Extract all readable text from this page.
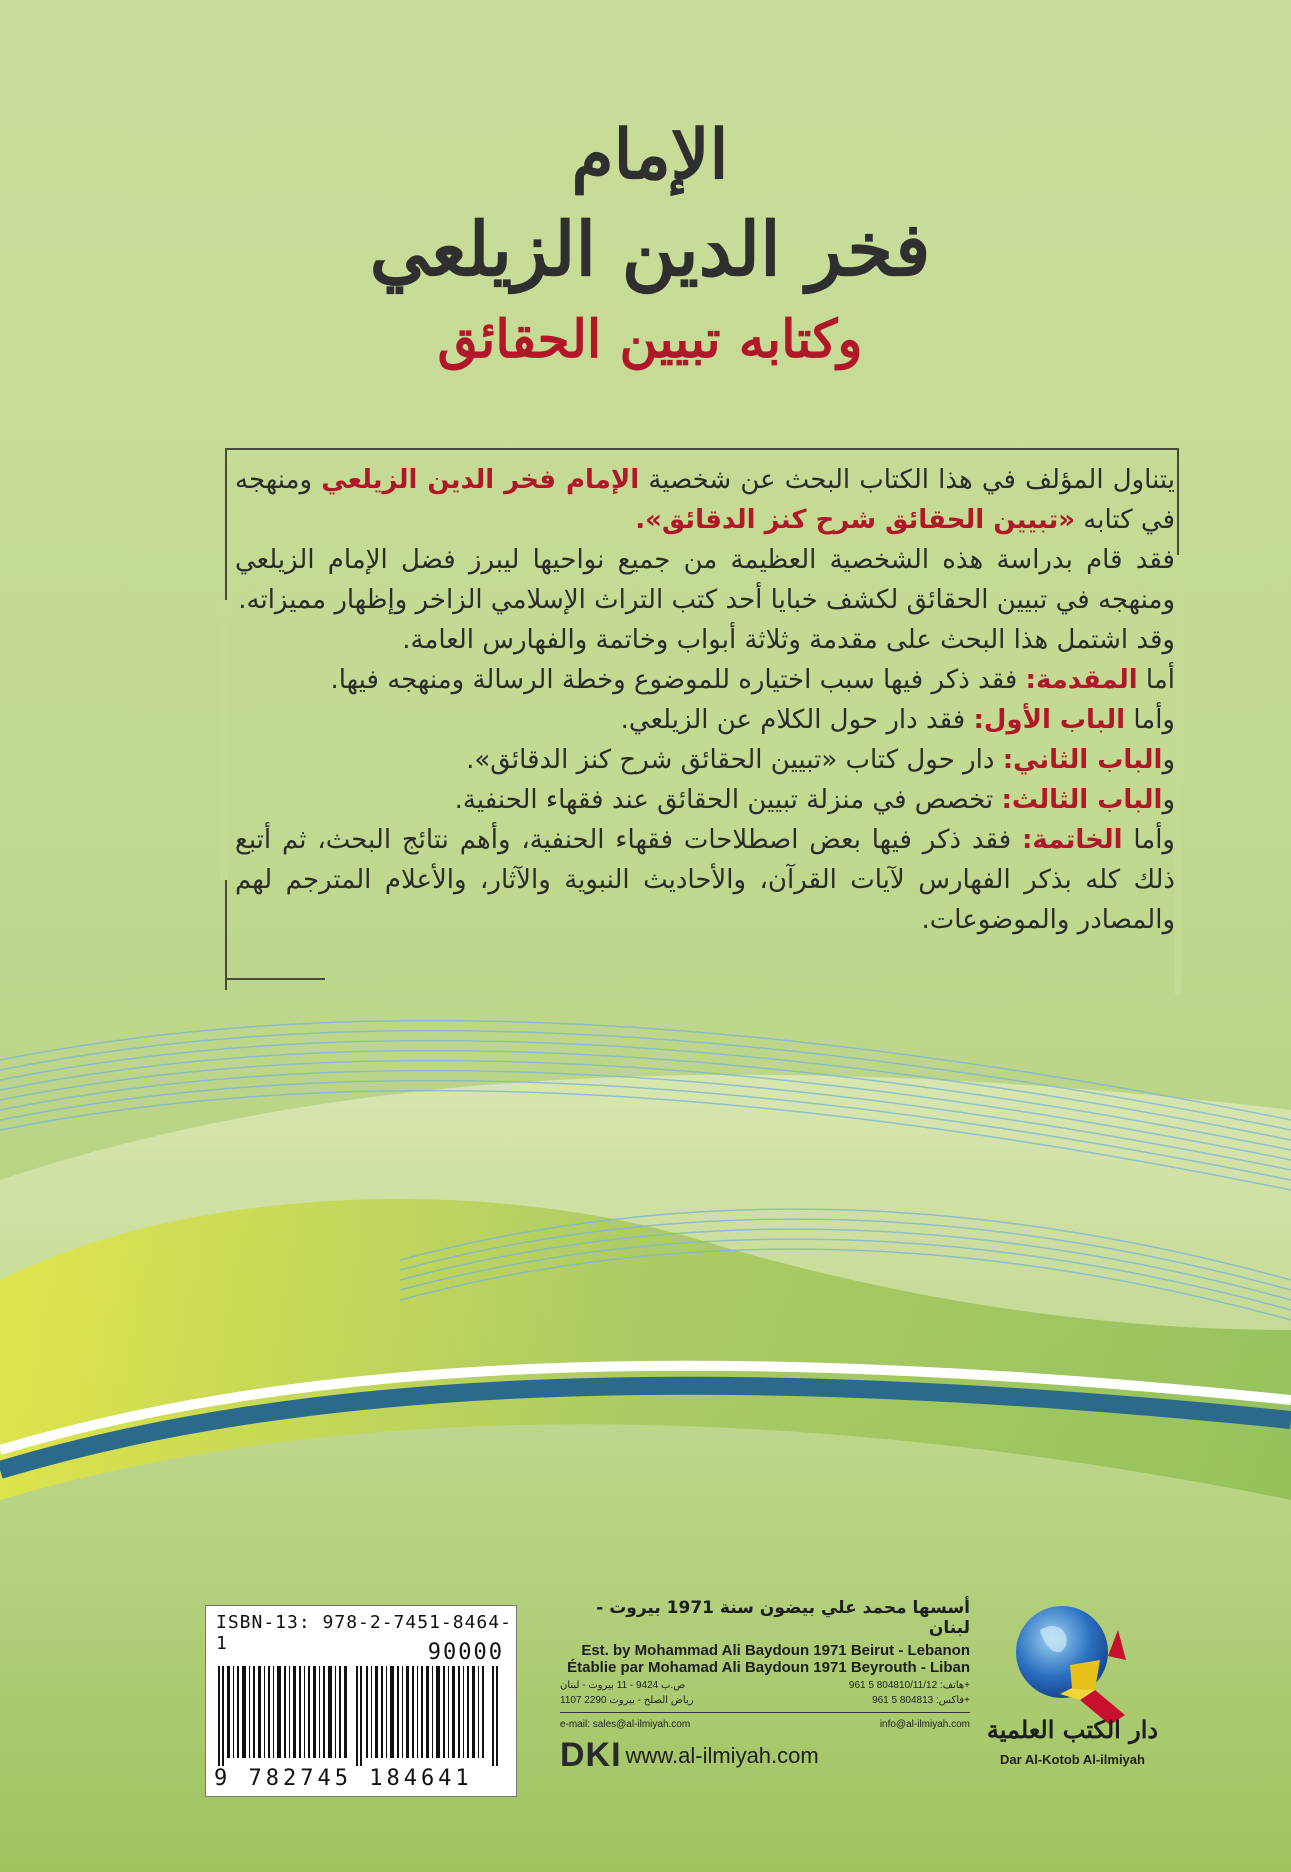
الإمام
فخر الدين الزيلعي
وكتابه تبيين الحقائق

يتناول المؤلف في هذا الكتاب البحث عن شخصية الإمام فخر الدين الزيلعي ومنهجه في كتابه «تبيين الحقائق شرح كنز الدقائق».

فقد قام بدراسة هذه الشخصية العظيمة من جميع نواحيها ليبرز فضل الإمام الزيلعي ومنهجه في تبيين الحقائق لكشف خبايا أحد كتب التراث الإسلامي الزاخر وإظهار مميزاته.

وقد اشتمل هذا البحث على مقدمة وثلاثة أبواب وخاتمة والفهارس العامة.

أما المقدمة: فقد ذكر فيها سبب اختياره للموضوع وخطة الرسالة ومنهجه فيها.

وأما الباب الأول: فقد دار حول الكلام عن الزيلعي.

والباب الثاني: دار حول كتاب «تبيين الحقائق شرح كنز الدقائق».

والباب الثالث: تخصص في منزلة تبيين الحقائق عند فقهاء الحنفية.

وأما الخاتمة: فقد ذكر فيها بعض اصطلاحات فقهاء الحنفية، وأهم نتائج البحث، ثم أتبع ذلك كله بذكر الفهارس لآيات القرآن، والأحاديث النبوية والآثار، والأعلام المترجم لهم والمصادر والموضوعات.

ISBN-13: 978-2-7451-8464-1	90000
9 782745 184641
أسسها محمد علي بيضون سنة 1971 بيروت - لبنان
Est. by Mohammad Ali Baydoun 1971 Beirut - Lebanon
Établie par Mohamad Ali Baydoun 1971 Beyrouth - Liban
ص.ب 9424 - 11 بيروت - لبنان	هاتف: 804810/11/12 5 961+
رياض الصلح - بيروت 2290 1107	فاكس: 804813 5 961+
e-mail: sales@al-ilmiyah.com	info@al-ilmiyah.com
DKI www.al-ilmiyah.com
دار الكتب العلمية
Dar Al-Kotob Al-ilmiyah
